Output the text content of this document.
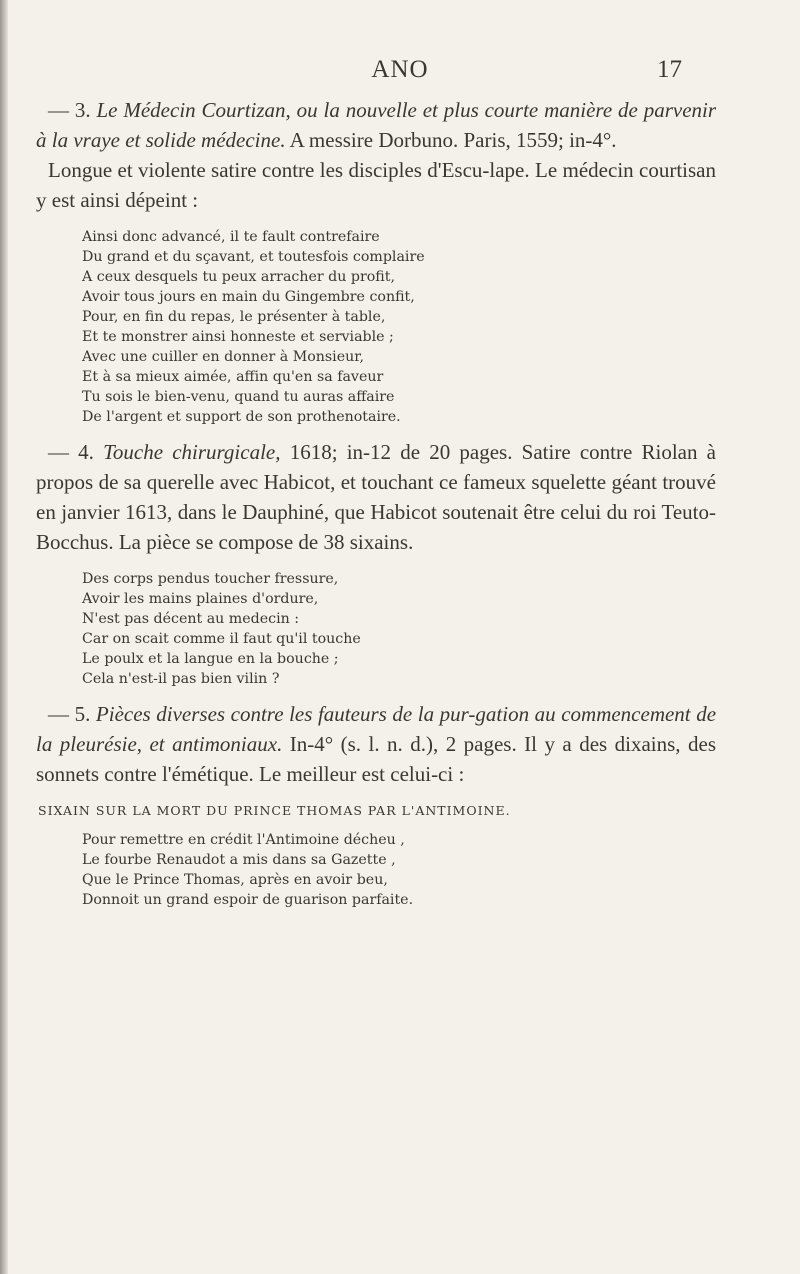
ANO	17

— 3. Le Médecin Courtizan, ou la nouvelle et plus courte manière de parvenir à la vraye et solide médecine. A messire Dorbuno. Paris, 1559; in-4°.

Longue et violente satire contre les disciples d'Escu-lape. Le médecin courtisan y est ainsi dépeint :

Ainsi donc advancé, il te fault contrefaire
Du grand et du sçavant, et toutesfois complaire
A ceux desquels tu peux arracher du profit,
Avoir tous jours en main du Gingembre confit,
Pour, en fin du repas, le présenter à table,
Et te monstrer ainsi honneste et serviable ;
Avec une cuiller en donner à Monsieur,
Et à sa mieux aimée, affin qu'en sa faveur
Tu sois le bien-venu, quand tu auras affaire
De l'argent et support de son prothenotaire.

— 4. Touche chirurgicale, 1618; in-12 de 20 pages. Satire contre Riolan à propos de sa querelle avec Habicot, et touchant ce fameux squelette géant trouvé en janvier 1613, dans le Dauphiné, que Habicot soutenait être celui du roi Teuto-Bocchus. La pièce se compose de 38 sixains.

Des corps pendus toucher fressure,
Avoir les mains plaines d'ordure,
N'est pas décent au medecin :
Car on scait comme il faut qu'il touche
Le poulx et la langue en la bouche ;
Cela n'est-il pas bien vilin ?

— 5. Pièces diverses contre les fauteurs de la pur-gation au commencement de la pleurésie, et antimoniaux. In-4° (s. l. n. d.), 2 pages. Il y a des dixains, des sonnets contre l'émétique. Le meilleur est celui-ci :

SIXAIN SUR LA MORT DU PRINCE THOMAS PAR L'ANTIMOINE.
Pour remettre en crédit l'Antimoine décheu ,
Le fourbe Renaudot a mis dans sa Gazette ,
Que le Prince Thomas, après en avoir beu,
Donnoit un grand espoir de guarison parfaite.
